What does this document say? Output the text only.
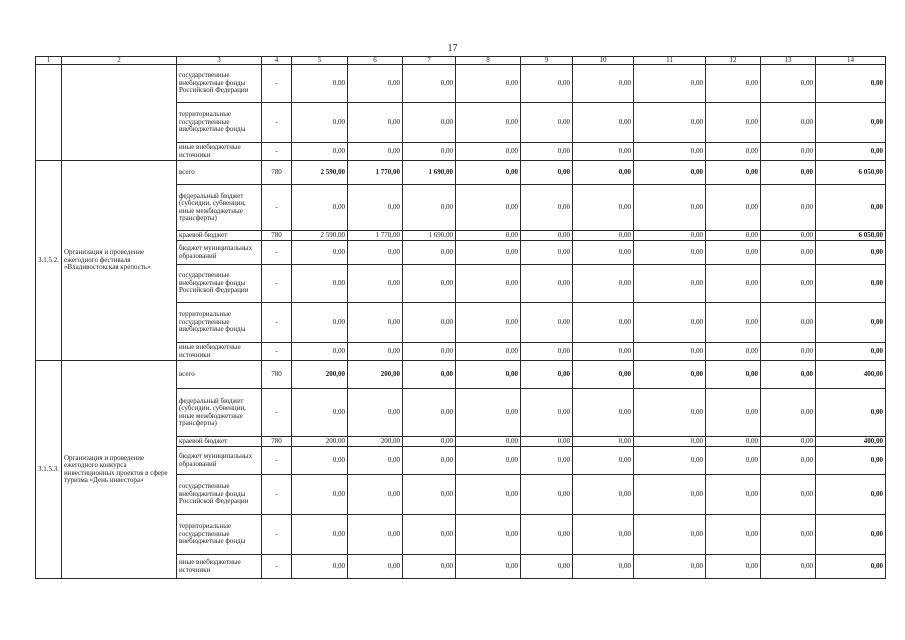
17
1	2	3	4	5	6	7	8	9	10	11	12	13	14
		государственные внебюджетные фонды Российской Федерации	-	0,00	0,00	0,00	0,00	0,00	0,00	0,00	0,00	0,00	0,00
		территориальные государственные внебюджетные фонды	-	0,00	0,00	0,00	0,00	0,00	0,00	0,00	0,00	0,00	0,00
		иные внебюджетные источники	-	0,00	0,00	0,00	0,00	0,00	0,00	0,00	0,00	0,00	0,00
3.1.5.2.	Организация и проведение ежегодного фестиваля «Владивостокская крепость»	всего	780	2 590,00	1 770,00	1 690,00	0,00	0,00	0,00	0,00	0,00	0,00	6 050,00
		федеральный бюджет (субсидии, субвенции, иные межбюджетные трансферты)	-	0,00	0,00	0,00	0,00	0,00	0,00	0,00	0,00	0,00	0,00
		краевой бюджет	780	2 590,00	1 770,00	1 690,00	0,00	0,00	0,00	0,00	0,00	0,00	6 050,00
		бюджет муниципальных образований	-	0,00	0,00	0,00	0,00	0,00	0,00	0,00	0,00	0,00	0,00
		государственные внебюджетные фонды Российской Федерации	-	0,00	0,00	0,00	0,00	0,00	0,00	0,00	0,00	0,00	0,00
		территориальные государственные внебюджетные фонды	-	0,00	0,00	0,00	0,00	0,00	0,00	0,00	0,00	0,00	0,00
		иные внебюджетные источники	-	0,00	0,00	0,00	0,00	0,00	0,00	0,00	0,00	0,00	0,00
3.1.5.3.	Организация и проведение ежегодного конкурса инвестиционных проектов в сфере туризма «День инвестора»	всего	780	200,00	200,00	0,00	0,00	0,00	0,00	0,00	0,00	0,00	400,00
		федеральный бюджет (субсидии, субвенции, иные межбюджетные трансферты)	-	0,00	0,00	0,00	0,00	0,00	0,00	0,00	0,00	0,00	0,00
		краевой бюджет	780	200,00	200,00	0,00	0,00	0,00	0,00	0,00	0,00	0,00	400,00
		бюджет муниципальных образований	-	0,00	0,00	0,00	0,00	0,00	0,00	0,00	0,00	0,00	0,00
		государственные внебюджетные фонды Российской Федерации	-	0,00	0,00	0,00	0,00	0,00	0,00	0,00	0,00	0,00	0,00
		территориальные государственные внебюджетные фонды	-	0,00	0,00	0,00	0,00	0,00	0,00	0,00	0,00	0,00	0,00
		иные внебюджетные источники	-	0,00	0,00	0,00	0,00	0,00	0,00	0,00	0,00	0,00	0,00
